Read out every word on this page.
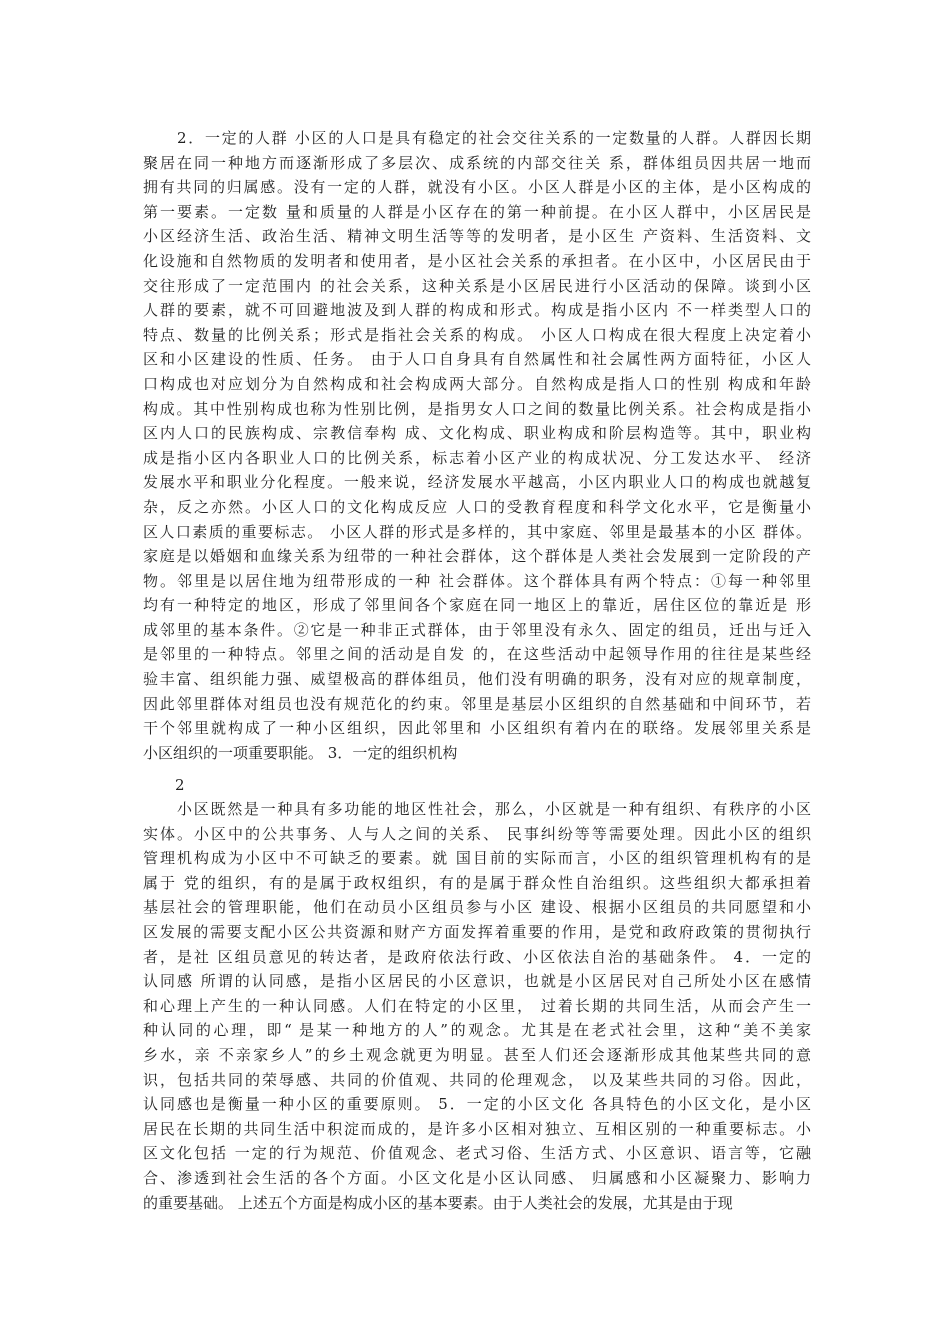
2．一定的人群 小区的人口是具有稳定的社会交往关系的一定数量的人群。人群因长期
聚居在同一种地方而逐渐形成了多层次、成系统的内部交往关 系，群体组员因共居一地而
拥有共同的归属感。没有一定的人群，就没有小区。小区人群是小区的主体，是小区构成的
第一要素。一定数 量和质量的人群是小区存在的第一种前提。在小区人群中，小区居民是
小区经济生活、政治生活、精神文明生活等等的发明者，是小区生 产资料、生活资料、文
化设施和自然物质的发明者和使用者，是小区社会关系的承担者。在小区中，小区居民由于
交往形成了一定范围内 的社会关系，这种关系是小区居民进行小区活动的保障。谈到小区
人群的要素，就不可回避地波及到人群的构成和形式。构成是指小区内 不一样类型人口的
特点、数量的比例关系；形式是指社会关系的构成。 小区人口构成在很大程度上决定着小
区和小区建设的性质、任务。 由于人口自身具有自然属性和社会属性两方面特征，小区人
口构成也对应划分为自然构成和社会构成两大部分。自然构成是指人口的性别 构成和年龄
构成。其中性别构成也称为性别比例，是指男女人口之间的数量比例关系。社会构成是指小
区内人口的民族构成、宗教信奉构 成、文化构成、职业构成和阶层构造等。其中，职业构
成是指小区内各职业人口的比例关系，标志着小区产业的构成状况、分工发达水平、 经济
发展水平和职业分化程度。一般来说，经济发展水平越高，小区内职业人口的构成也就越复
杂，反之亦然。小区人口的文化构成反应 人口的受教育程度和科学文化水平，它是衡量小
区人口素质的重要标志。 小区人群的形式是多样的，其中家庭、邻里是最基本的小区 群体。
家庭是以婚姻和血缘关系为纽带的一种社会群体，这个群体是人类社会发展到一定阶段的产
物。邻里是以居住地为纽带形成的一种 社会群体。这个群体具有两个特点：①每一种邻里
均有一种特定的地区，形成了邻里间各个家庭在同一地区上的靠近，居住区位的靠近是 形
成邻里的基本条件。②它是一种非正式群体，由于邻里没有永久、固定的组员，迁出与迁入
是邻里的一种特点。邻里之间的活动是自发 的，在这些活动中起领导作用的往往是某些经
验丰富、组织能力强、威望极高的群体组员，他们没有明确的职务，没有对应的规章制度，
因此邻里群体对组员也没有规范化的约束。邻里是基层小区组织的自然基础和中间环节，若
干个邻里就构成了一种小区组织，因此邻里和 小区组织有着内在的联络。发展邻里关系是
小区组织的一项重要职能。 3．一定的组织机构
2
小区既然是一种具有多功能的地区性社会，那么，小区就是一种有组织、有秩序的小区
实体。小区中的公共事务、人与人之间的关系、 民事纠纷等等需要处理。因此小区的组织
管理机构成为小区中不可缺乏的要素。就 国目前的实际而言，小区的组织管理机构有的是
属于 党的组织，有的是属于政权组织，有的是属于群众性自治组织。这些组织大都承担着
基层社会的管理职能，他们在动员小区组员参与小区 建设、根据小区组员的共同愿望和小
区发展的需要支配小区公共资源和财产方面发挥着重要的作用，是党和政府政策的贯彻执行
者，是社 区组员意见的转达者，是政府依法行政、小区依法自治的基础条件。 4．一定的
认同感 所谓的认同感，是指小区居民的小区意识，也就是小区居民对自己所处小区在感情
和心理上产生的一种认同感。人们在特定的小区里， 过着长期的共同生活，从而会产生一
种认同的心理，即“ 是某一种地方的人”的观念。尤其是在老式社会里，这种“美不美家
乡水，亲 不亲家乡人”的乡土观念就更为明显。甚至人们还会逐渐形成其他某些共同的意
识，包括共同的荣辱感、共同的价值观、共同的伦理观念， 以及某些共同的习俗。因此，
认同感也是衡量一种小区的重要原则。 5．一定的小区文化 各具特色的小区文化，是小区
居民在长期的共同生活中积淀而成的，是许多小区相对独立、互相区别的一种重要标志。小
区文化包括 一定的行为规范、价值观念、老式习俗、生活方式、小区意识、语言等，它融
合、渗透到社会生活的各个方面。小区文化是小区认同感、 归属感和小区凝聚力、影响力
的重要基础。 上述五个方面是构成小区的基本要素。由于人类社会的发展，尤其是由于现
